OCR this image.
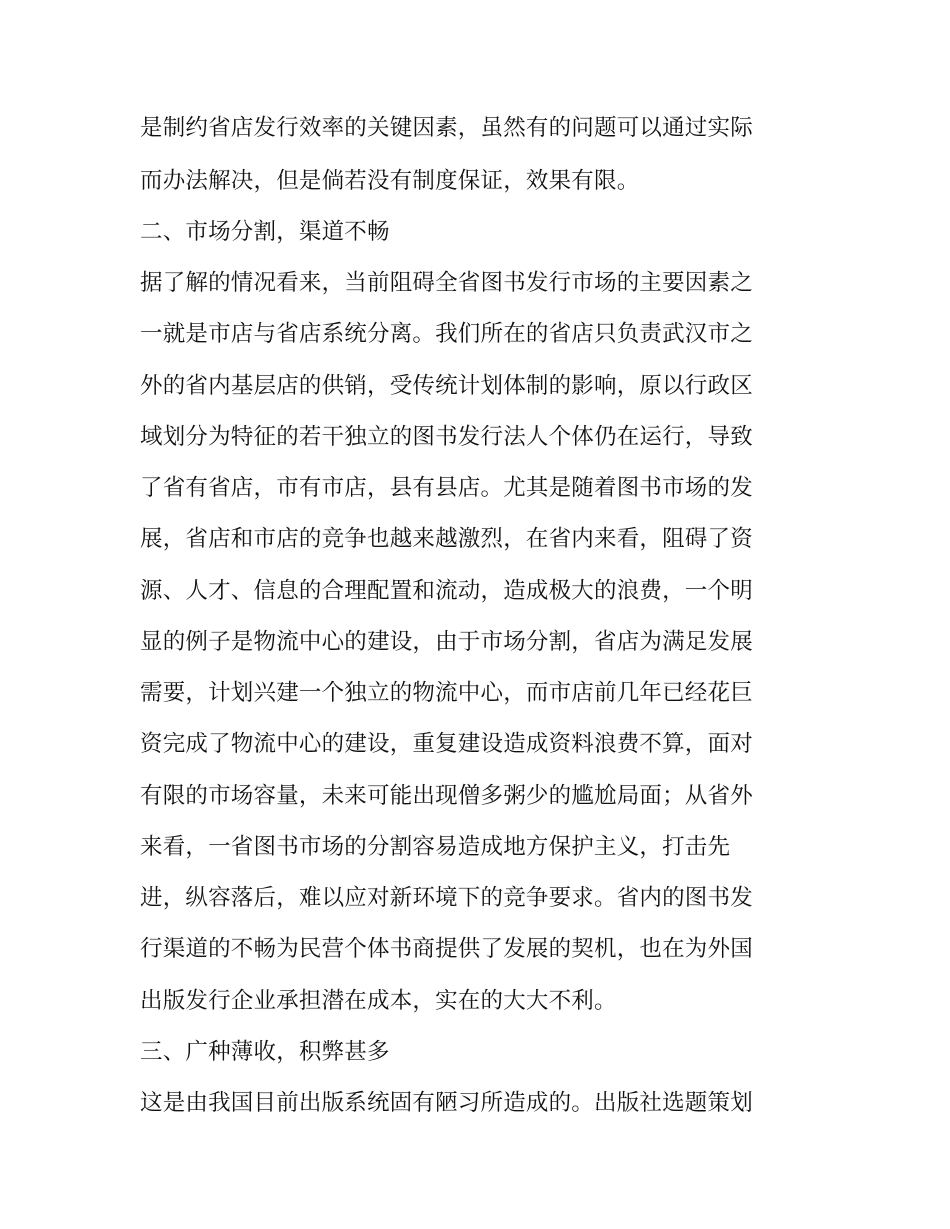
是制约省店发行效率的关键因素，虽然有的问题可以通过实际
而办法解决，但是倘若没有制度保证，效果有限。
二、市场分割，渠道不畅
据了解的情况看来，当前阻碍全省图书发行市场的主要因素之
一就是市店与省店系统分离。我们所在的省店只负责武汉市之
外的省内基层店的供销，受传统计划体制的影响，原以行政区
域划分为特征的若干独立的图书发行法人个体仍在运行，导致
了省有省店，市有市店，县有县店。尤其是随着图书市场的发
展，省店和市店的竞争也越来越激烈，在省内来看，阻碍了资
源、人才、信息的合理配置和流动，造成极大的浪费，一个明
显的例子是物流中心的建设，由于市场分割，省店为满足发展
需要，计划兴建一个独立的物流中心，而市店前几年已经花巨
资完成了物流中心的建设，重复建设造成资料浪费不算，面对
有限的市场容量，未来可能出现僧多粥少的尴尬局面；从省外
来看，一省图书市场的分割容易造成地方保护主义，打击先
进，纵容落后，难以应对新环境下的竞争要求。省内的图书发
行渠道的不畅为民营个体书商提供了发展的契机，也在为外国
出版发行企业承担潜在成本，实在的大大不利。
三、广种薄收，积弊甚多
这是由我国目前出版系统固有陋习所造成的。出版社选题策划
